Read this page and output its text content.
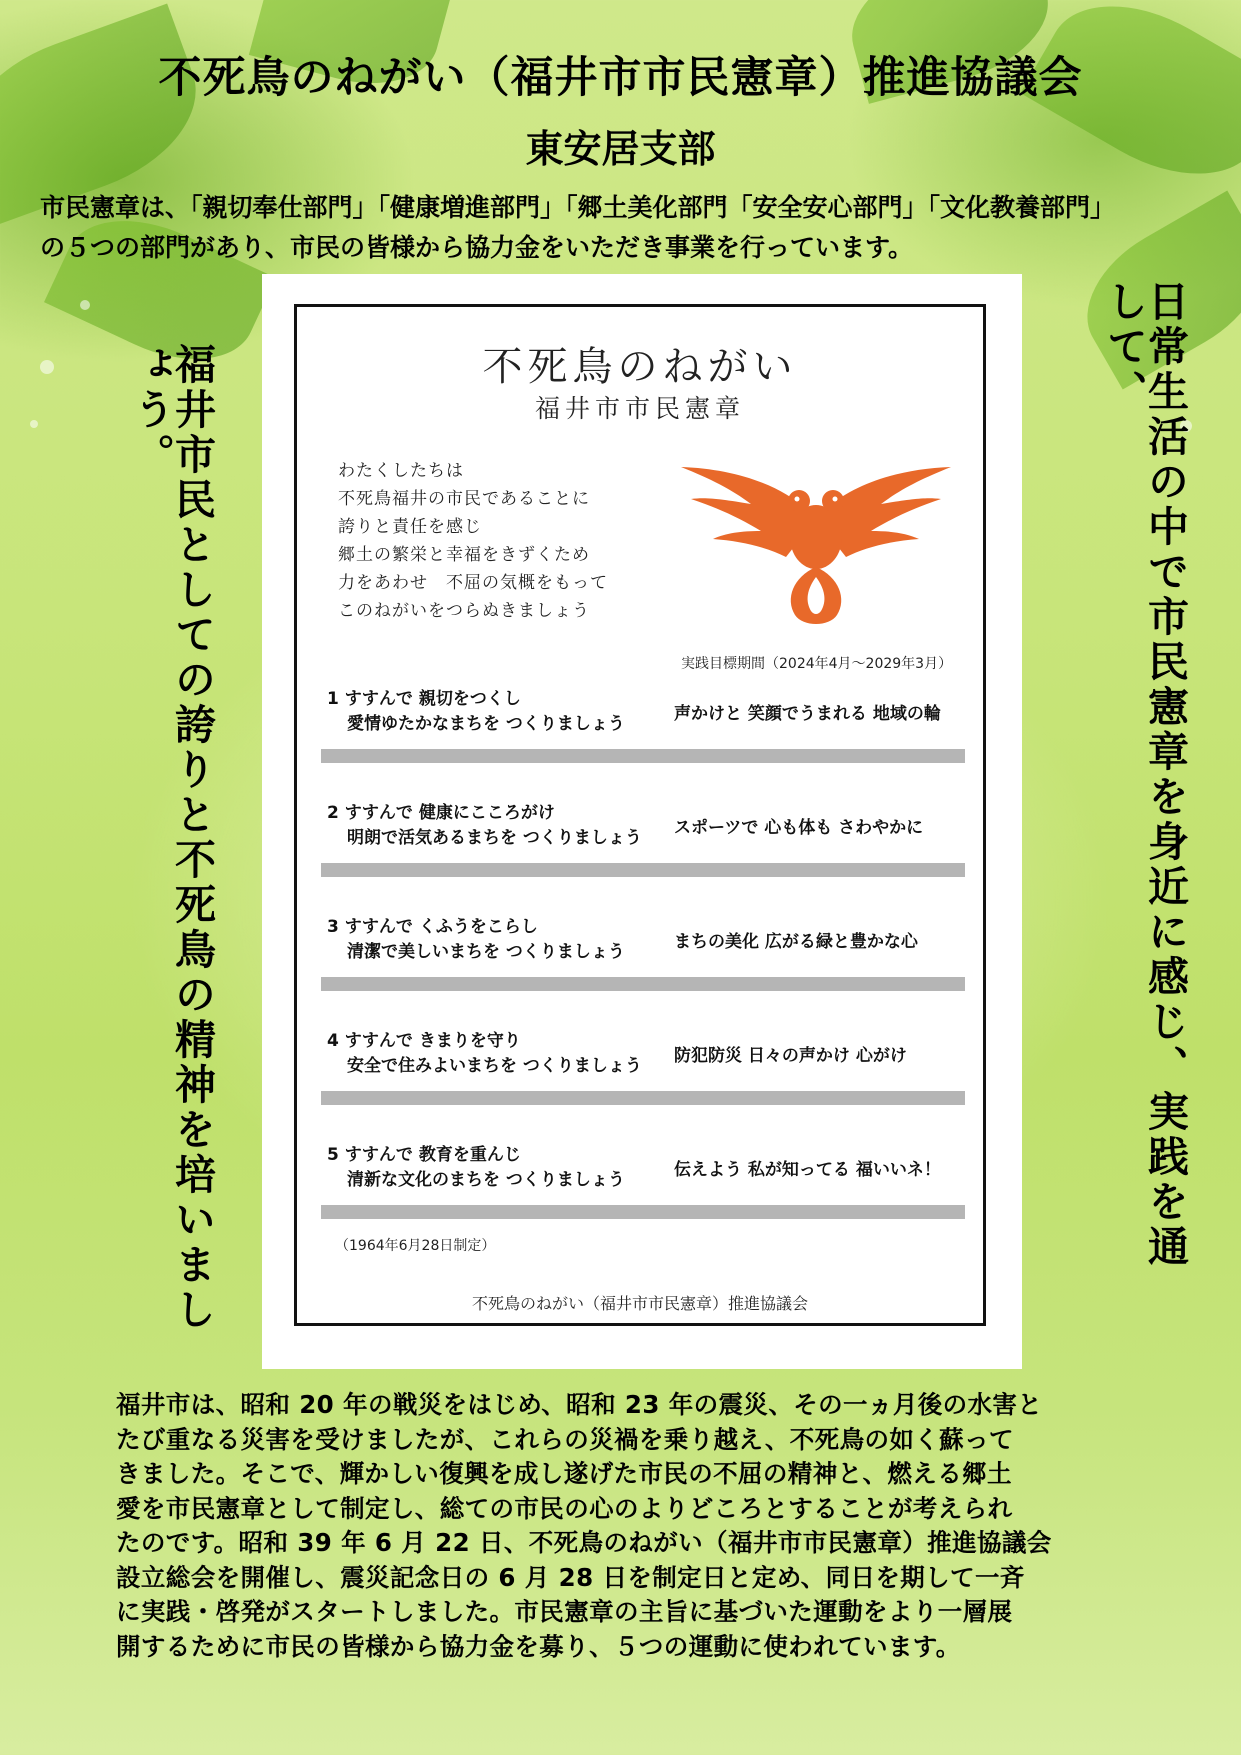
不死鳥のねがい（福井市市民憲章）推進協議会
東安居支部
市民憲章は、「親切奉仕部門」「健康増進部門」「郷土美化部門「安全安心部門」「文化教養部門」
の５つの部門があり、市民の皆様から協力金をいただき事業を行っています。
福井市民としての誇りと不死鳥の精神を培いましょう。	日常生活の中で市民憲章を身近に感じ、実践を通して、
不死鳥のねがい
福井市市民憲章
わたくしたちは
不死鳥福井の市民であることに
誇りと責任を感じ
郷土の繁栄と幸福をきずくため
力をあわせ　不屈の気概をもって
このねがいをつらぬきましょう
実践目標期間（2024年4月～2029年3月）
1 すすんで 親切をつくし
愛情ゆたかなまちを つくりましょう	声かけと 笑顔でうまれる 地域の輪
2 すすんで 健康にこころがけ
明朗で活気あるまちを つくりましょう スポーツで 心も体も さわやかに
3 すすんで くふうをこらし
清潔で美しいまちを つくりましょう	まちの美化 広がる緑と豊かな心
4 すすんで きまりを守り
安全で住みよいまちを つくりましょう 防犯防災 日々の声かけ 心がけ
5 すすんで 教育を重んじ
清新な文化のまちを つくりましょう	伝えよう 私が知ってる 福いいネ！
（1964年6月28日制定）
不死鳥のねがい（福井市市民憲章）推進協議会
福井市は、昭和 20 年の戦災をはじめ、昭和 23 年の震災、その一ヵ月後の水害と
たび重なる災害を受けましたが、これらの災禍を乗り越え、不死鳥の如く蘇って
きました。そこで、輝かしい復興を成し遂げた市民の不屈の精神と、燃える郷土
愛を市民憲章として制定し、総ての市民の心のよりどころとすることが考えられ
たのです。昭和 39 年 6 月 22 日、不死鳥のねがい（福井市市民憲章）推進協議会
設立総会を開催し、震災記念日の 6 月 28 日を制定日と定め、同日を期して一斉
に実践・啓発がスタートしました。市民憲章の主旨に基づいた運動をより一層展
開するために市民の皆様から協力金を募り、５つの運動に使われています。
